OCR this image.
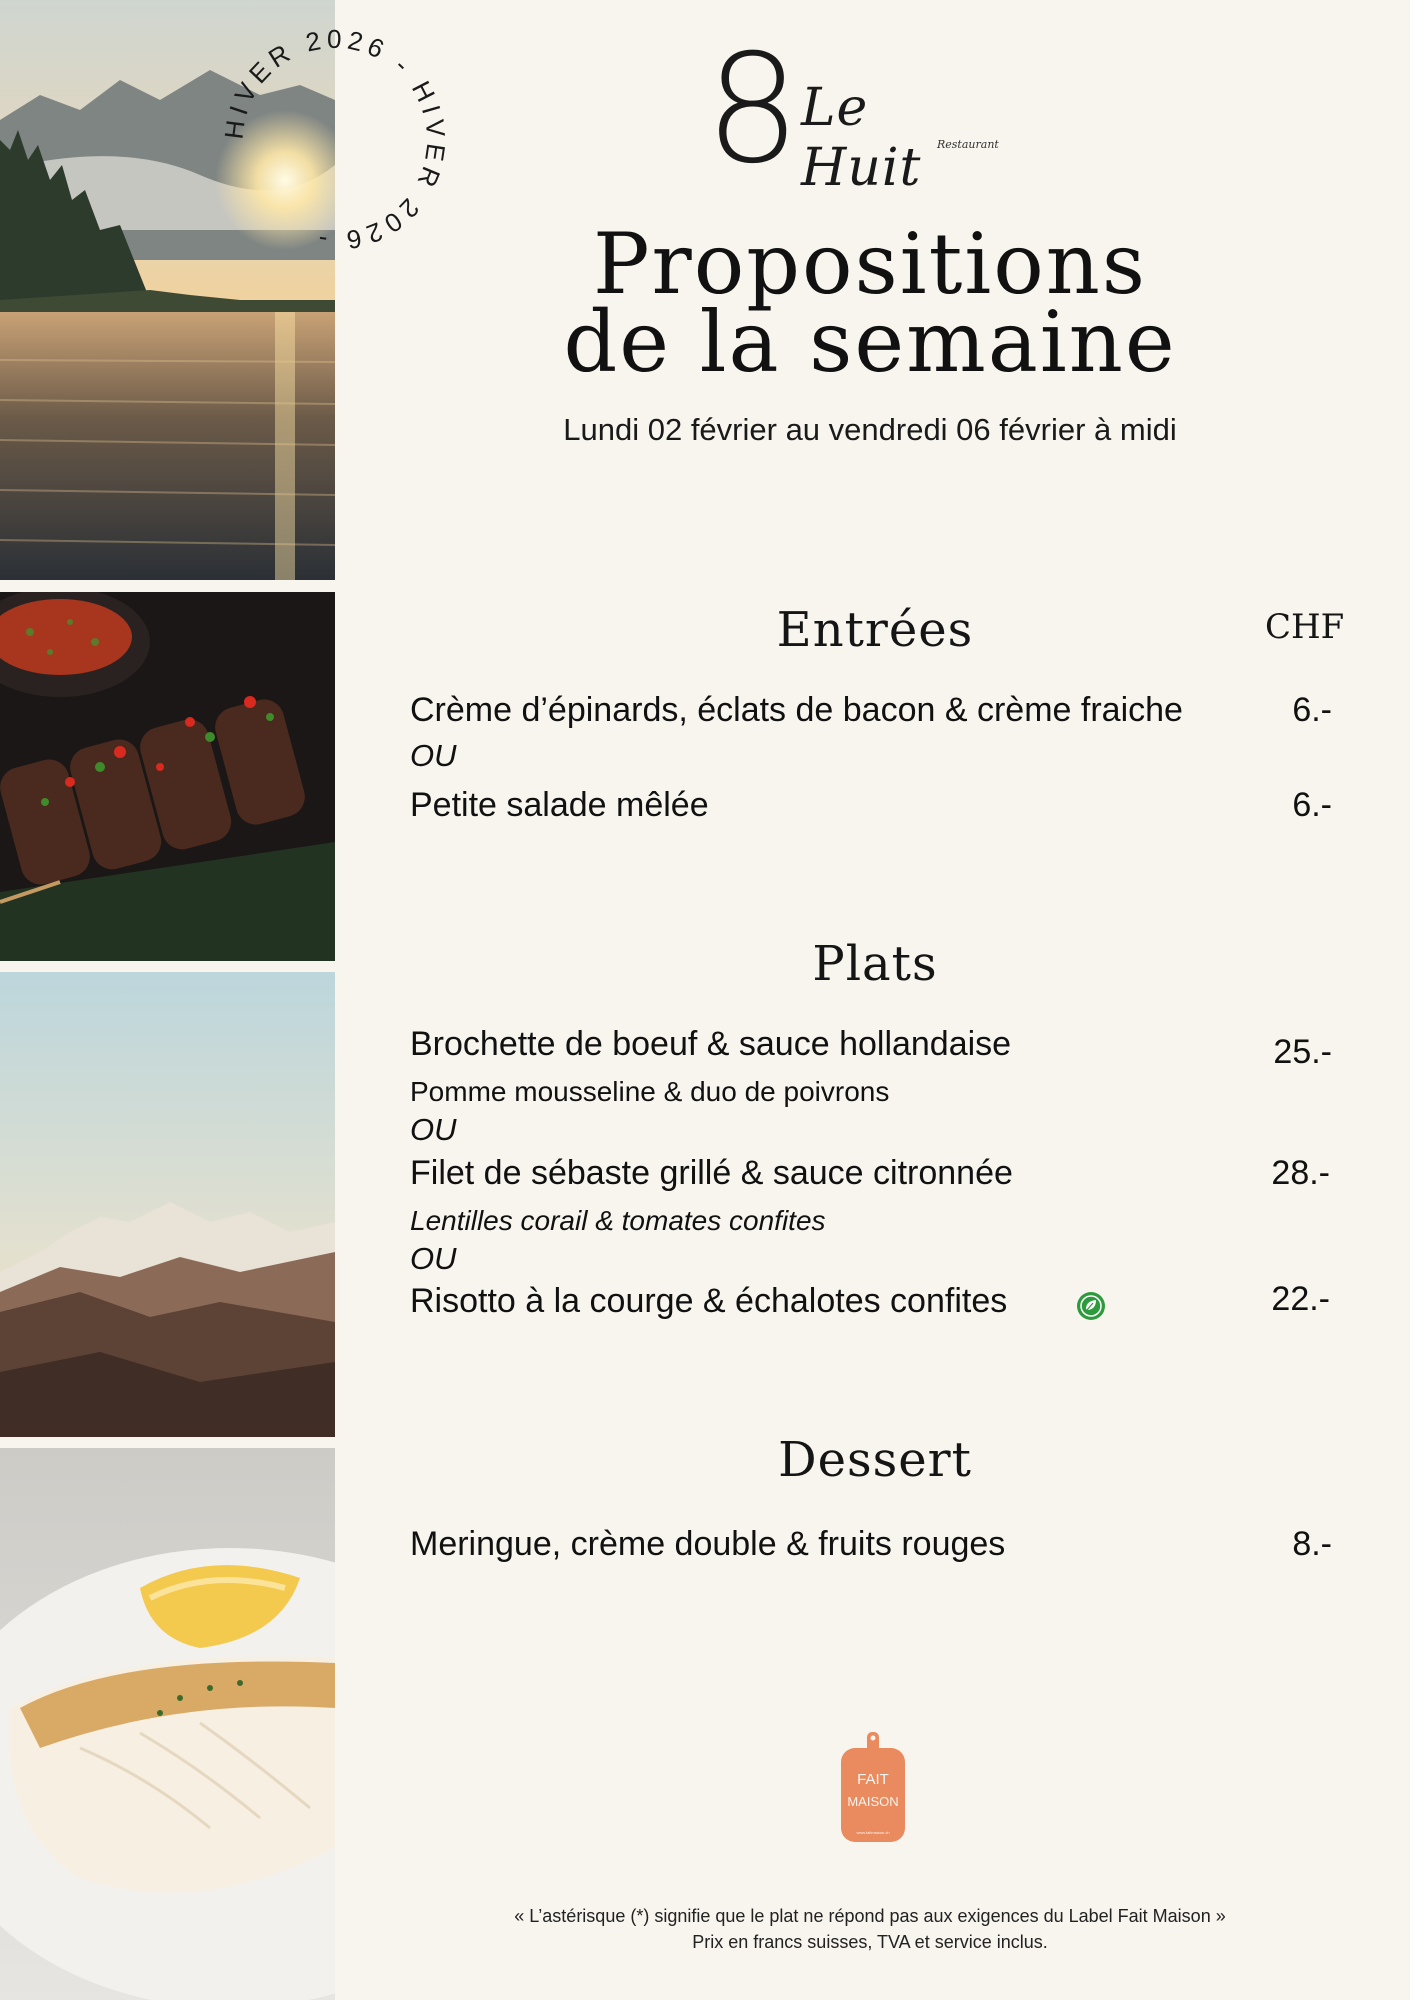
HIVER 2026 - HIVER 2026 -
8 Le Huit	Restaurant
Propositions
de la semaine
Lundi 02 février au vendredi 06 février à midi
Entrées	CHF
Crème d’épinards, éclats de bacon & crème fraiche	6.-
OU
Petite salade mêlée	6.-
Plats
Brochette de boeuf & sauce hollandaise	25.-
Pomme mousseline & duo de poivrons
OU
Filet de sébaste grillé & sauce citronnée	28.-
Lentilles corail & tomates confites
OU
Risotto à la courge & échalotes confites	22.-
Dessert
Meringue, crème double & fruits rouges	8.-
FAIT
MAISON
www.faitmaison.ch
« L’astérisque (*) signifie que le plat ne répond pas aux exigences du Label Fait Maison »
Prix en francs suisses, TVA et service inclus.
